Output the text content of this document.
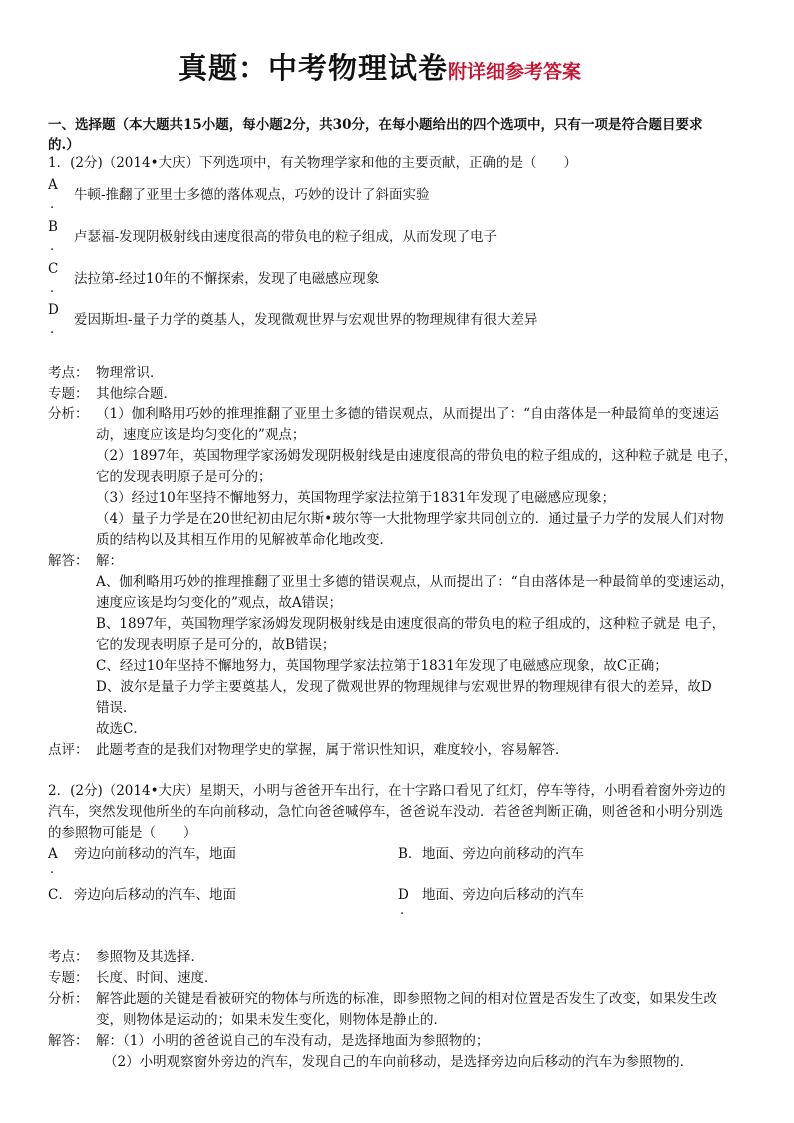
真题：中考物理试卷附详细参考答案
一、选择题（本大题共15小题，每小题2分，共30分，在每小题给出的四个选项中，只有一项是符合题目要求
的.）
1．(2分)（2014•大庆）下列选项中，有关物理学家和他的主要贡献，正确的是（　　）
A
.
牛顿-推翻了亚里士多德的落体观点，巧妙的设计了斜面实验
B
.
卢瑟福-发现阴极射线由速度很高的带负电的粒子组成，从而发现了电子
C
.
法拉第-经过10年的不懈探索，发现了电磁感应现象
D
.
爱因斯坦-量子力学的奠基人，发现微观世界与宏观世界的物理规律有很大差异
考点： 物理常识．
专题： 其他综合题．
分析： （1）伽利略用巧妙的推理推翻了亚里士多德的错误观点，从而提出了：“自由落体是一种最简单的变速运
动，速度应该是均匀变化的”观点；
（2）1897年，英国物理学家汤姆发现阴极射线是由速度很高的带负电的粒子组成的，这种粒子就是 电子，
它的发现表明原子是可分的；
（3）经过10年坚持不懈地努力，英国物理学家法拉第于1831年发现了电磁感应现象；
（4）量子力学是在20世纪初由尼尔斯•玻尔等一大批物理学家共同创立的．通过量子力学的发展人们对物
质的结构以及其相互作用的见解被革命化地改变．
解答： 解：
A、伽利略用巧妙的推理推翻了亚里士多德的错误观点，从而提出了：“自由落体是一种最简单的变速运动，
速度应该是均匀变化的”观点，故A错误；
B、1897年，英国物理学家汤姆发现阴极射线是由速度很高的带负电的粒子组成的，这种粒子就是 电子，
它的发现表明原子是可分的，故B错误；
C、经过10年坚持不懈地努力，英国物理学家法拉第于1831年发现了电磁感应现象，故C正确；
D、波尔是量子力学主要奠基人，发现了微观世界的物理规律与宏观世界的物理规律有很大的差异，故D
错误．
故选C．
点评： 此题考查的是我们对物理学史的掌握，属于常识性知识，难度较小，容易解答．
2．(2分)（2014•大庆）星期天，小明与爸爸开车出行，在十字路口看见了红灯，停车等待，小明看着窗外旁边的
汽车，突然发现他所坐的车向前移动，急忙向爸爸喊停车，爸爸说车没动．若爸爸判断正确，则爸爸和小明分别选
的参照物可能是（　　）
A
.
旁边向前移动的汽车，地面	B． 地面、旁边向前移动的汽车
C． 旁边向后移动的汽车、地面	D
.
地面、旁边向后移动的汽车
考点： 参照物及其选择．
专题： 长度、时间、速度．
分析： 解答此题的关键是看被研究的物体与所选的标准，即参照物之间的相对位置是否发生了改变，如果发生改
变，则物体是运动的；如果未发生变化，则物体是静止的．
解答： 解：（1）小明的爸爸说自己的车没有动，是选择地面为参照物的；
（2）小明观察窗外旁边的汽车，发现自己的车向前移动，是选择旁边向后移动的汽车为参照物的．
